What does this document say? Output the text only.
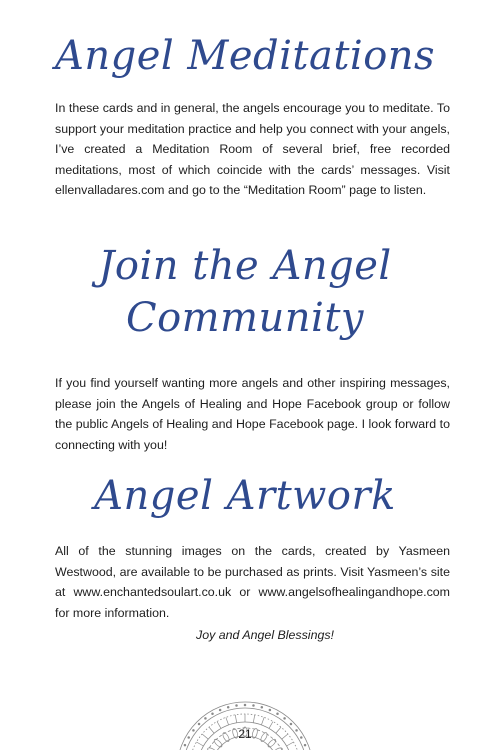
Angel Meditations

In these cards and in general, the angels encourage you to meditate. To support your meditation practice and help you connect with your angels, I’ve created a Meditation Room of several brief, free recorded meditations, most of which coincide with the cards’ messages. Visit ellenvalladares.com and go to the “Meditation Room” page to listen.

Join the Angel
Community

If you find yourself wanting more angels and other inspiring messages, please join the Angels of Healing and Hope Facebook group or follow the public Angels of Healing and Hope Facebook page. I look forward to connecting with you!

Angel Artwork

All of the stunning images on the cards, created by Yasmeen Westwood, are available to be purchased as prints. Visit Yasmeen’s site at www.enchantedsoulart.co.uk or www.angelsofhealingandhope.com for more information.

Joy and Angel Blessings!

21
